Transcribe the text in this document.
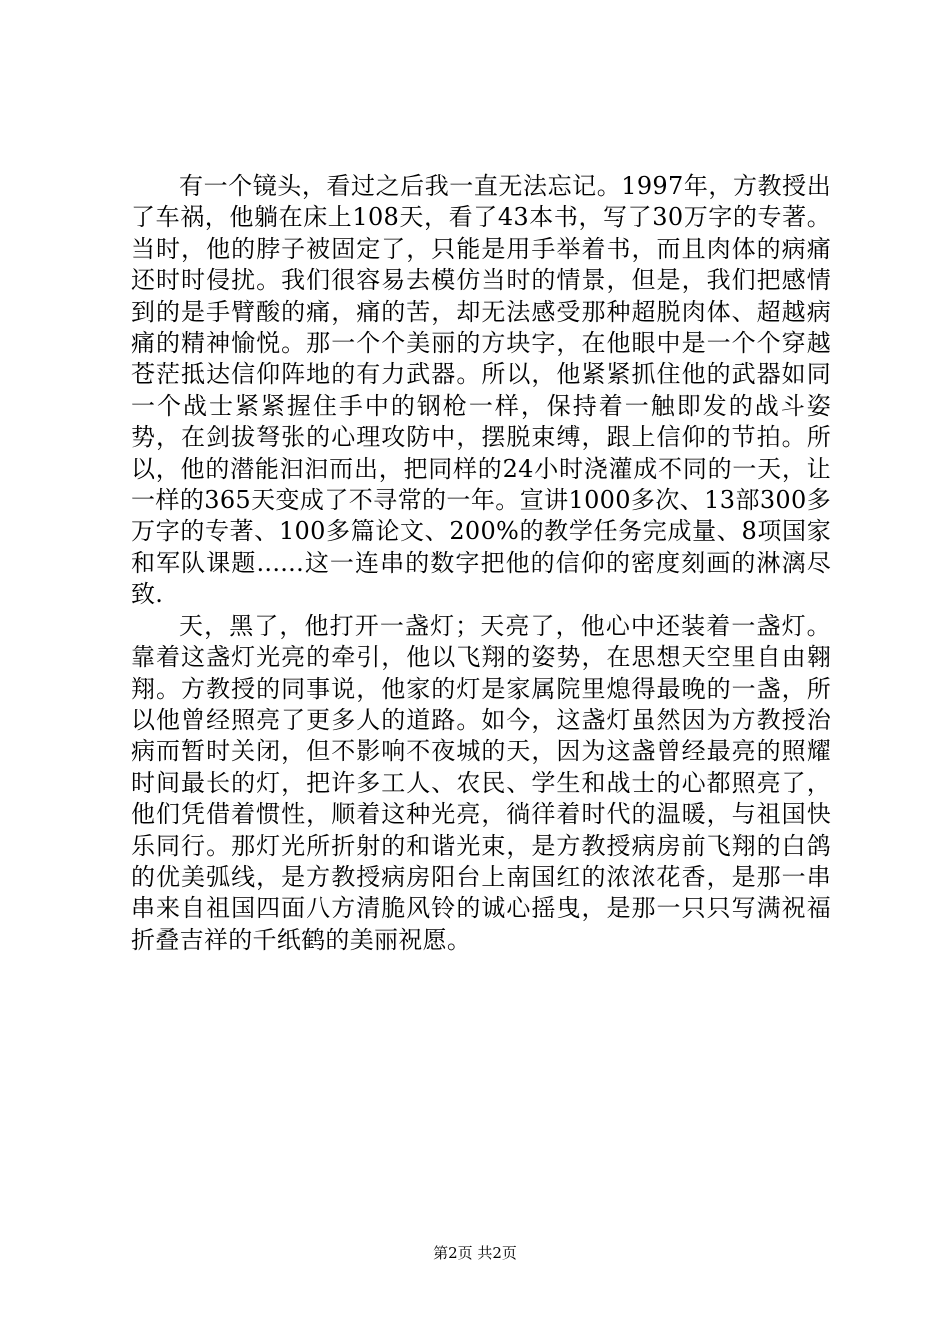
有一个镜头，看过之后我一直无法忘记。1997年，方教授出了车祸，他躺在床上108天，看了43本书，写了30万字的专著。当时，他的脖子被固定了，只能是用手举着书，而且肉体的病痛还时时侵扰。我们很容易去模仿当时的情景，但是，我们把感情到的是手臂酸的痛，痛的苦，却无法感受那种超脱肉体、超越病痛的精神愉悦。那一个个美丽的方块字，在他眼中是一个个穿越苍茫抵达信仰阵地的有力武器。所以，他紧紧抓住他的武器如同一个战士紧紧握住手中的钢枪一样，保持着一触即发的战斗姿势，在剑拔弩张的心理攻防中，摆脱束缚，跟上信仰的节拍。所以，他的潜能汩汩而出，把同样的24小时浇灌成不同的一天，让一样的365天变成了不寻常的一年。宣讲1000多次、13部300多万字的专著、100多篇论文、200%的教学任务完成量、8项国家和军队课题......这一连串的数字把他的信仰的密度刻画的淋漓尽致.

天，黑了，他打开一盏灯；天亮了，他心中还装着一盏灯。靠着这盏灯光亮的牵引，他以飞翔的姿势，在思想天空里自由翱翔。方教授的同事说，他家的灯是家属院里熄得最晚的一盏，所以他曾经照亮了更多人的道路。如今，这盏灯虽然因为方教授治病而暂时关闭，但不影响不夜城的天，因为这盏曾经最亮的照耀时间最长的灯，把许多工人、农民、学生和战士的心都照亮了，他们凭借着惯性，顺着这种光亮，徜徉着时代的温暖，与祖国快乐同行。那灯光所折射的和谐光束，是方教授病房前飞翔的白鸽的优美弧线，是方教授病房阳台上南国红的浓浓花香，是那一串串来自祖国四面八方清脆风铃的诚心摇曳，是那一只只写满祝福折叠吉祥的千纸鹤的美丽祝愿。

第2页 共2页
